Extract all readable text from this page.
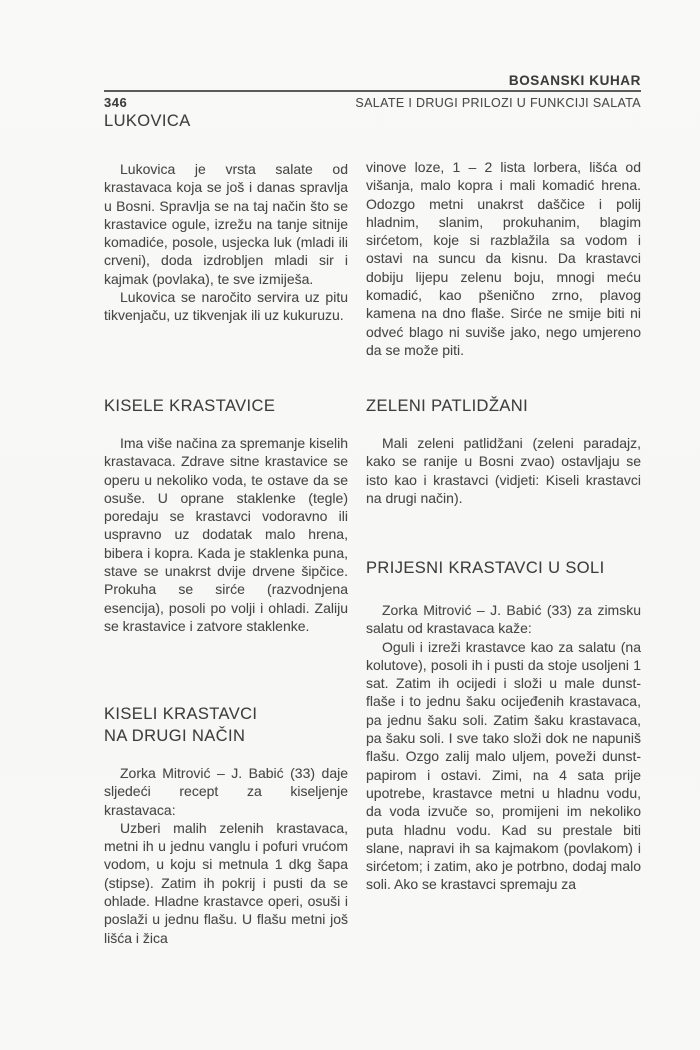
BOSANSKI KUHAR
346	SALATE I DRUGI PRILOZI U FUNKCIJI SALATA
LUKOVICA

Lukovica je vrsta salate od krastavaca koja se još i danas spravlja u Bosni. Spravlja se na taj način što se krastavice ogule, izrežu na tanje sitnije komadiće, posole, usjecka luk (mladi ili crveni), doda izdrobljen mladi sir i kajmak (povlaka), te sve izmiješa.

Lukovica se naročito servira uz pitu tikvenjaču, uz tikvenjak ili uz kukuruzu.

KISELE KRASTAVICE

Ima više načina za spremanje kiselih krastavaca. Zdrave sitne krastavice se operu u nekoliko voda, te ostave da se osuše. U oprane staklenke (tegle) poredaju se krastavci vodoravno ili uspravno uz dodatak malo hrena, bibera i kopra. Kada je staklenka puna, stave se unakrst dvije drvene šipčice. Prokuha se sirće (razvodnjena esencija), posoli po volji i ohladi. Zaliju se krastavice i zatvore staklenke.

KISELI KRASTAVCI
NA DRUGI NAČIN

Zorka Mitrović – J. Babić (33) daje sljedeći recept za kiseljenje krastavaca:

Uzberi malih zelenih krastavaca, metni ih u jednu vanglu i pofuri vrućom vodom, u koju si metnula 1 dkg šapa (stipse). Zatim ih pokrij i pusti da se ohlade. Hladne krastavce operi, osuši i poslaži u jednu flašu. U flašu metni još lišća i žica

vinove loze, 1 – 2 lista lorbera, lišća od višanja, malo kopra i mali komadić hrena. Odozgo metni unakrst daščice i polij hladnim, slanim, prokuhanim, blagim sirćetom, koje si razblažila sa vodom i ostavi na suncu da kisnu. Da krastavci dobiju lijepu zelenu boju, mnogi meću komadić, kao pšenično zrno, plavog kamena na dno flaše. Sirće ne smije biti ni odveć blago ni suviše jako, nego umjereno da se može piti.

ZELENI PATLIDŽANI

Mali zeleni patlidžani (zeleni paradajz, kako se ranije u Bosni zvao) ostavljaju se isto kao i krastavci (vidjeti: Kiseli krastavci na drugi način).

PRIJESNI KRASTAVCI U SOLI

Zorka Mitrović – J. Babić (33) za zimsku salatu od krastavaca kaže:

Oguli i izreži krastavce kao za salatu (na kolutove), posoli ih i pusti da stoje usoljeni 1 sat. Zatim ih ocijedi i složi u male dunst-flaše i to jednu šaku ocijeđenih krastavaca, pa jednu šaku soli. Zatim šaku krastavaca, pa šaku soli. I sve tako složi dok ne napuniš flašu. Ozgo zalij malo uljem, poveži dunst-papirom i ostavi. Zimi, na 4 sata prije upotrebe, krastavce metni u hladnu vodu, da voda izvuče so, promijeni im nekoliko puta hladnu vodu. Kad su prestale biti slane, napravi ih sa kajmakom (povlakom) i sirćetom; i zatim, ako je potrbno, dodaj malo soli. Ako se krastavci spremaju za
